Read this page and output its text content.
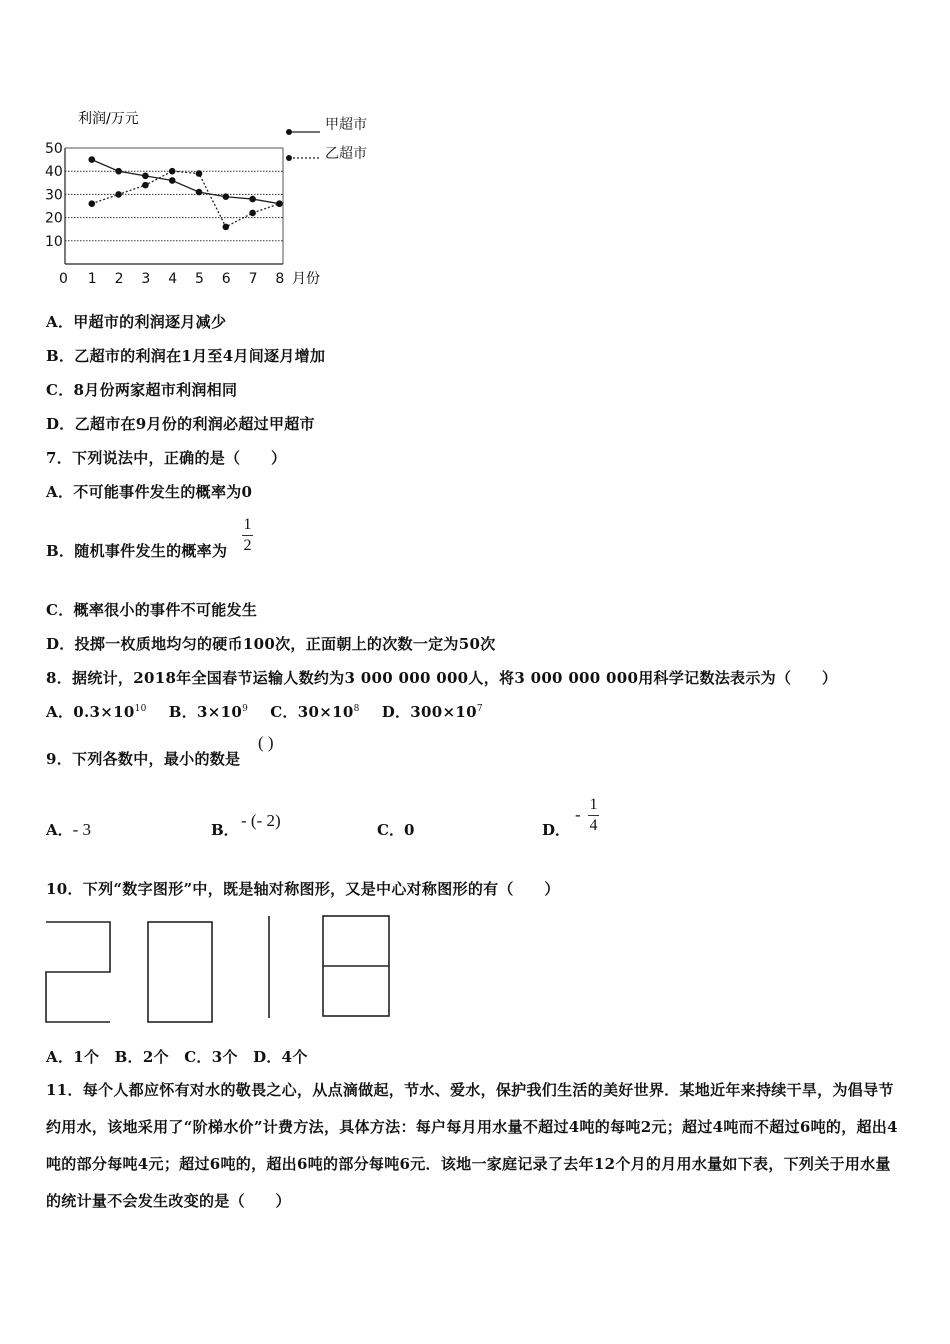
利润/万元
50
40
30
20
10
0 1 2 3 4 5 6 7 8
甲超市
乙超市
月份
A．甲超市的利润逐月减少
B．乙超市的利润在1月至4月间逐月增加
C．8月份两家超市利润相同
D．乙超市在9月份的利润必超过甲超市
7．下列说法中，正确的是（　　）
A．不可能事件发生的概率为0
B．随机事件发生的概率为
1
2
C．概率很小的事件不可能发生
D．投掷一枚质地均匀的硬币100次，正面朝上的次数一定为50次
8．据统计，2018年全国春节运输人数约为3 000 000 000人，将3 000 000 000用科学记数法表示为（　　）
A．$0.3\times 10^{10}$ B．$3\times 10^9$ C．$30\times 10^8$ D．$300\times 10^7$
9．下列各数中，最小的数是
( )
A．- 3	B． - (- 2)	C．0	D．
-
1
4
10．下列“数字图形”中，既是轴对称图形，又是中心对称图形的有（　　）
A．1个　B．2个　C．3个　D．4个
11．每个人都应怀有对水的敬畏之心，从点滴做起，节水、爱水，保护我们生活的美好世界．某地近年来持续干旱，为倡导节约用水，该地采用了“阶梯水价”计费方法，具体方法：每户每月用水量不超过4吨的每吨2元；超过4吨而不超过6吨的，超出4吨的部分每吨4元；超过6吨的，超出6吨的部分每吨6元．该地一家庭记录了去年12个月的月用水量如下表，下列关于用水量的统计量不会发生改变的是（　　）
